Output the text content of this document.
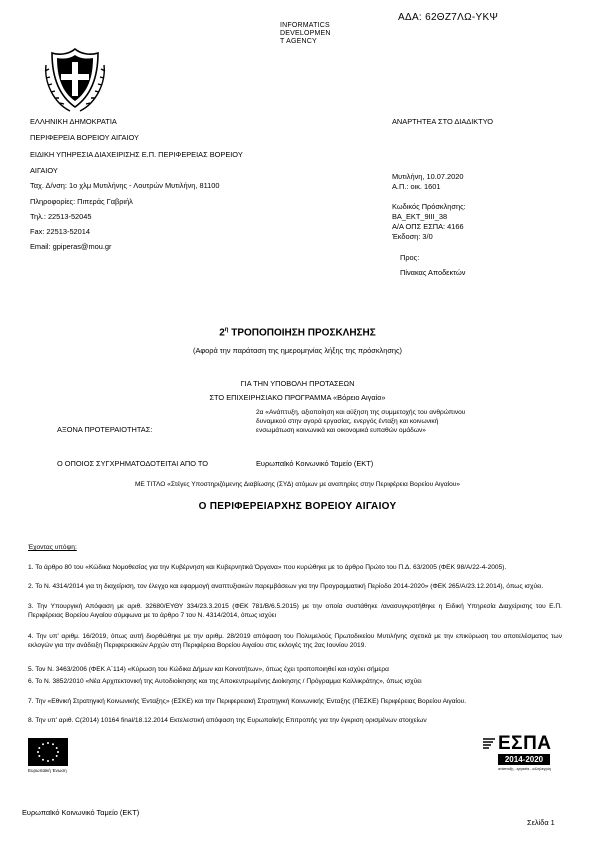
ΑΔΑ: 62ΘΖ7ΛΩ-ΥΚΨ
INFORMATICS
DEVELOPMEN
T AGENCY
ΕΛΛΗΝΙΚΗ ΔΗΜΟΚΡΑΤΙΑ
ΠΕΡΙΦΕΡΕΙΑ ΒΟΡΕΙΟΥ ΑΙΓΑΙΟΥ
ΕΙΔΙΚΗ ΥΠΗΡΕΣΙΑ ΔΙΑΧΕΙΡΙΣΗΣ Ε.Π. ΠΕΡΙΦΕΡΕΙΑΣ ΒΟΡΕΙΟΥ
ΑΙΓΑΙΟΥ
Ταχ. Δ/νση: 1ο χλμ Μυτιλήνης - Λουτρών Μυτιλήνη, 81100
Πληροφορίες: Πιπεράς Γαβριήλ
Τηλ.: 22513-52045
Fax: 22513-52014
Email: gpiperas@mou.gr
ΑΝΑΡΤΗΤΕΑ ΣΤΟ ΔΙΑΔΙΚΤΥΟ
Μυτιλήνη, 10.07.2020
Α.Π.: οικ. 1601
Κωδικός Πρόσκλησης:
ΒΑ_ΕΚΤ_9III_38
Α/Α ΟΠΣ ΕΣΠΑ: 4166
Έκδοση: 3/0
Προς:
Πίνακας Αποδεκτών
$2^\eta$ ΤΡΟΠΟΠΟΙΗΣΗ ΠΡΟΣΚΛΗΣΗΣ
(Αφορά την παράταση της ημερομηνίας λήξης της πρόσκλησης)
ΓΙΑ ΤΗΝ ΥΠΟΒΟΛΗ ΠΡΟΤΑΣΕΩΝ
ΣΤΟ ΕΠΙΧΕΙΡΗΣΙΑΚΟ ΠΡΟΓΡΑΜΜΑ «Βόρειο Αιγαίο»
ΑΞΟΝΑ ΠΡΟΤΕΡΑΙΟΤΗΤΑΣ:
2α «Ανάπτυξη, αξιοποίηση και αύξηση της συμμετοχής του ανθρώπινου δυναμικού στην αγορά εργασίας, ενεργός ένταξη και κοινωνική ενσωμάτωση κοινωνικά και οικονομικά ευπαθών ομάδων»
Ο ΟΠΟΙΟΣ ΣΥΓΧΡΗΜΑΤΟΔΟΤΕΙΤΑΙ ΑΠΟ ΤΟ	Ευρωπαϊκό Κοινωνικό Ταμείο (ΕΚΤ)
ΜΕ ΤΙΤΛΟ «Στέγες Υποστηριζόμενης Διαβίωσης (ΣΥΔ) ατόμων με αναπηρίες στην Περιφέρεια Βορείου Αιγαίου»
Ο ΠΕΡΙΦΕΡΕΙΑΡΧΗΣ ΒΟΡΕΙΟΥ ΑΙΓΑΙΟΥ
Έχοντας υπόψη:
1. Το άρθρο 80 του «Κώδικα Νομοθεσίας για την Κυβέρνηση και Κυβερνητικά Όργανα» που κυρώθηκε με το άρθρο Πρώτο του Π.Δ. 63/2005 (ΦΕΚ 98/Α/22-4-2005).
2. Το Ν. 4314/2014 για τη διαχείριση, τον έλεγχο και εφαρμογή αναπτυξιακών παρεμβάσεων για την Προγραμματική Περίοδο 2014-2020» (ΦΕΚ 265/Α/23.12.2014), όπως ισχύει.
3. Την Υπουργική Απόφαση με αριθ. 32680/ΕΥΘΥ 334/23.3.2015 (ΦΕΚ 781/Β/6.5.2015) με την οποία συστάθηκε /ανασυγκροτήθηκε η Ειδική Υπηρεσία Διαχείρισης του Ε.Π. Περιφέρειας Βορείου Αιγαίου σύμφωνα με το άρθρο 7 του Ν. 4314/2014, όπως ισχύει
4. Την υπ' αριθμ. 16/2019, όπως αυτή διορθώθηκε με την αριθμ. 28/2019 απόφαση του Πολυμελούς Πρωτοδικείου Μυτιλήνης σχετικά με την επικύρωση του αποτελέσματος των εκλογών για την ανάδειξη Περιφερειακών Αρχών στη Περιφέρεια Βορείου Αιγαίου στις εκλογές της 2ας Ιουνίου 2019.
5. Τον Ν. 3463/2006 (ΦΕΚ Α΄114) «Κύρωση του Κώδικα Δήμων και Κοινοτήτων», όπως έχει τροποποιηθεί και ισχύει σήμερα
6. Το Ν. 3852/2010 «Νέα Αρχιτεκτονική της Αυτοδιοίκησης και της Αποκεντρωμένης Διοίκησης / Πρόγραμμα Καλλικράτης», όπως ισχύει
7. Την «Εθνική Στρατηγική Κοινωνικής Ένταξης» (ΕΣΚΕ) και την Περιφερειακή Στρατηγική Κοινωνικής Ένταξης (ΠΕΣΚΕ) Περιφέρειας Βορείου Αιγαίου.
8. Την υπ' αριθ. C(2014) 10164 final/18.12.2014 Εκτελεστική απόφαση της Ευρωπαϊκής Επιτροπής για την έγκριση ορισμένων στοιχείων
Ευρωπαϊκή Ένωση
ΕΣΠΑ
2014-2020
ανάπτυξη - εργασία - αλληλεγγύη
Ευρωπαϊκό Κοινωνικό Ταμείο (ΕΚΤ)
Σελίδα 1
